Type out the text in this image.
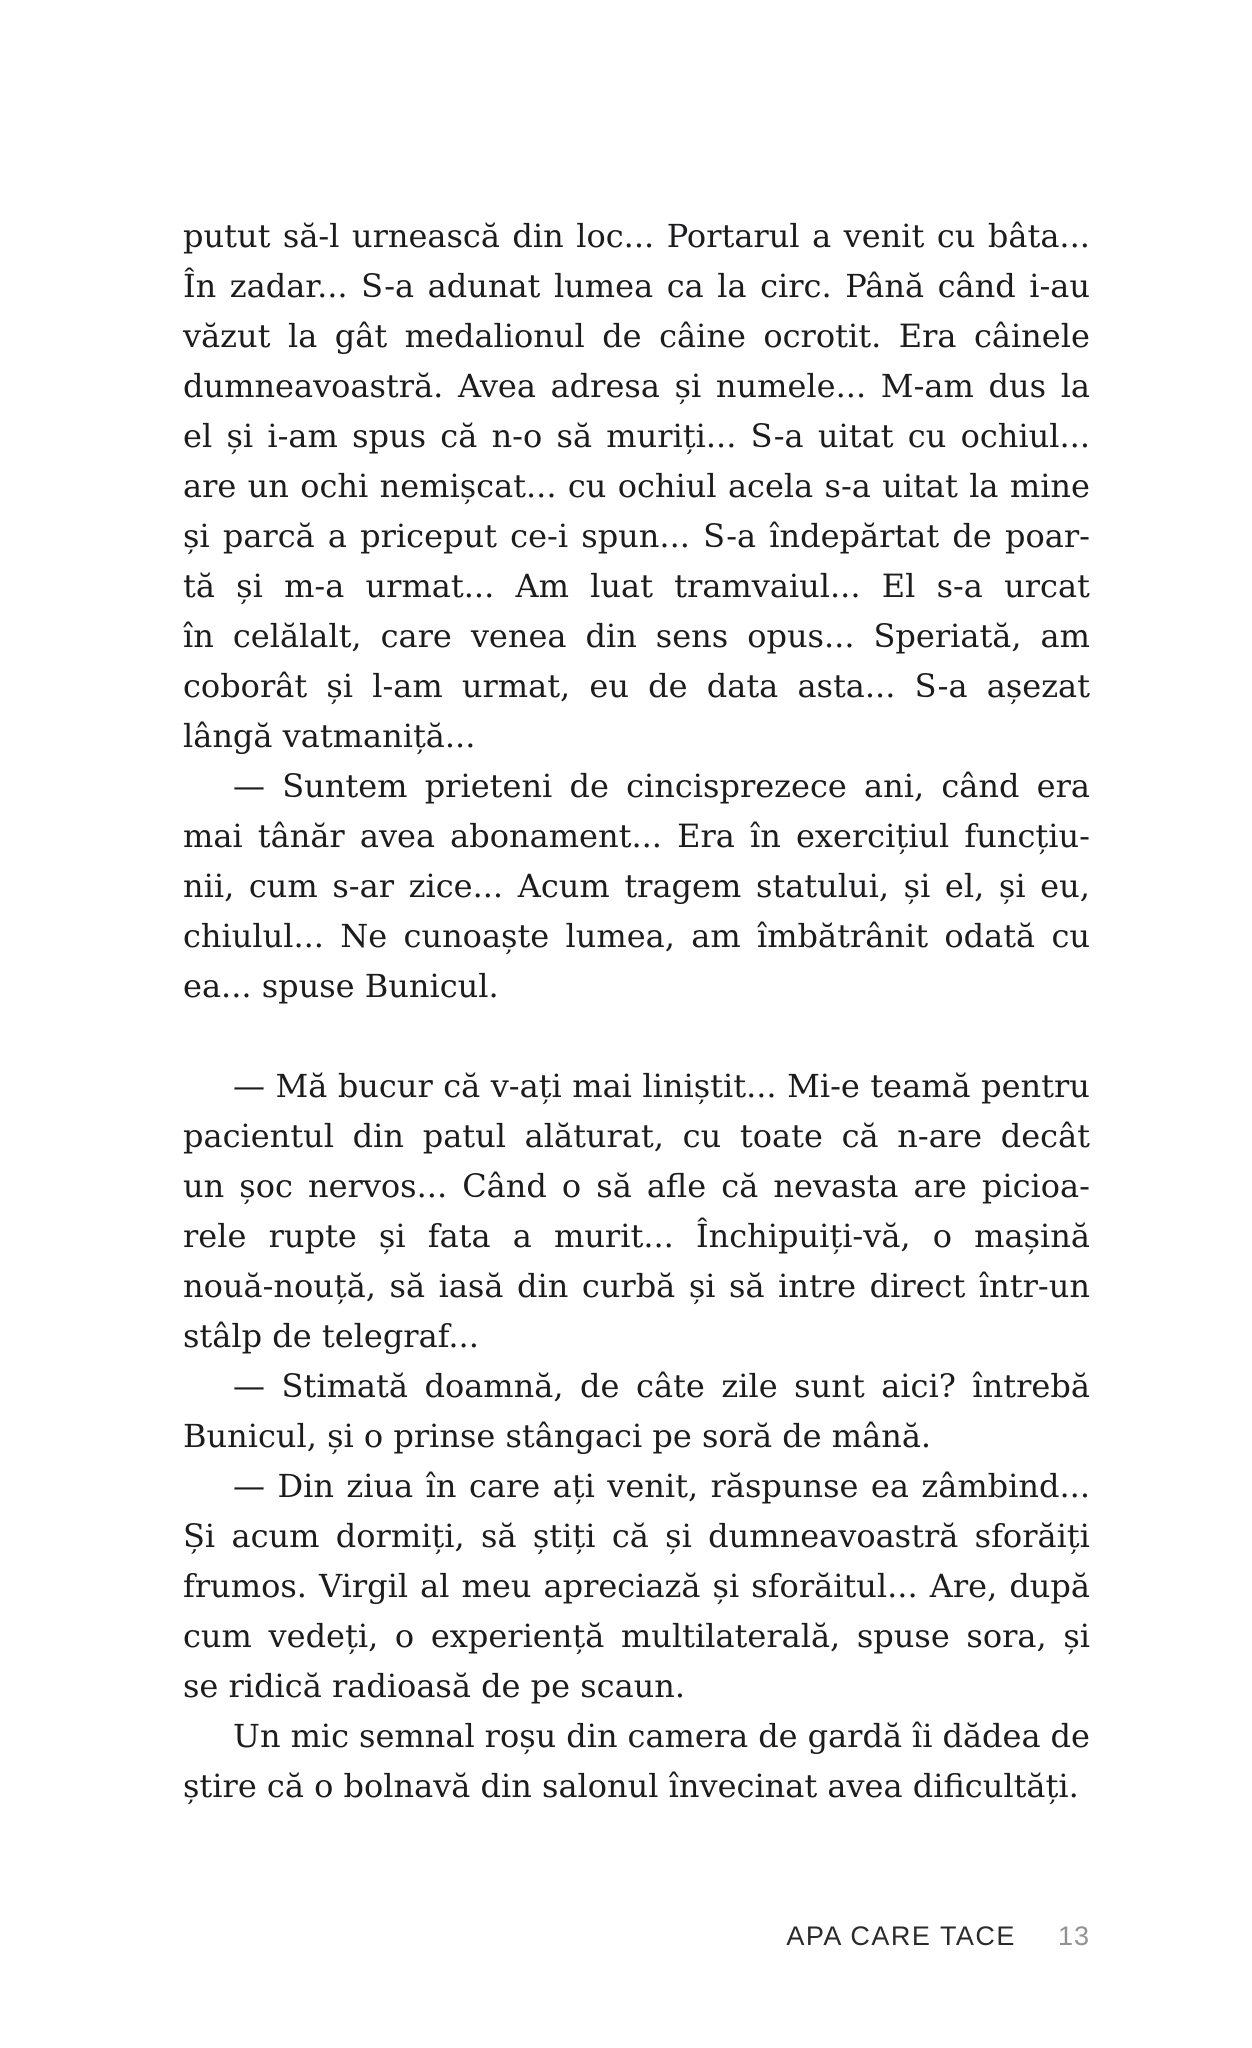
putut să-l urnească din loc... Portarul a venit cu bâta...
În zadar... S-a adunat lumea ca la circ. Până când i-au
văzut la gât medalionul de câine ocrotit. Era câinele
dumneavoastră. Avea adresa și numele... M-am dus la
el și i-am spus că n-o să muriți... S-a uitat cu ochiul...
are un ochi nemișcat... cu ochiul acela s-a uitat la mine
și parcă a priceput ce-i spun... S-a îndepărtat de poar-
tă și m-a urmat... Am luat tramvaiul... El s-a urcat
în celălalt, care venea din sens opus... Speriată, am
coborât și l-am urmat, eu de data asta... S-a așezat
lângă vatmaniță...
— Suntem prieteni de cincisprezece ani, când era
mai tânăr avea abonament... Era în exercițiul funcțiu-
nii, cum s-ar zice... Acum tragem statului, și el, și eu,
chiulul... Ne cunoaște lumea, am îmbătrânit odată cu
ea... spuse Bunicul.
— Mă bucur că v-ați mai liniștit... Mi-e teamă pentru
pacientul din patul alăturat, cu toate că n-are decât
un șoc nervos... Când o să afle că nevasta are picioa-
rele rupte și fata a murit... Închipuiți-vă, o mașină
nouă-nouță, să iasă din curbă și să intre direct într-un
stâlp de telegraf...
— Stimată doamnă, de câte zile sunt aici? întrebă
Bunicul, și o prinse stângaci pe soră de mână.
— Din ziua în care ați venit, răspunse ea zâmbind...
Și acum dormiți, să știți că și dumneavoastră sforăiți
frumos. Virgil al meu apreciază și sforăitul... Are, după
cum vedeți, o experiență multilaterală, spuse sora, și
se ridică radioasă de pe scaun.
Un mic semnal roșu din camera de gardă îi dădea de
știre că o bolnavă din salonul învecinat avea dificultăți.
APA CARE TACE 13
